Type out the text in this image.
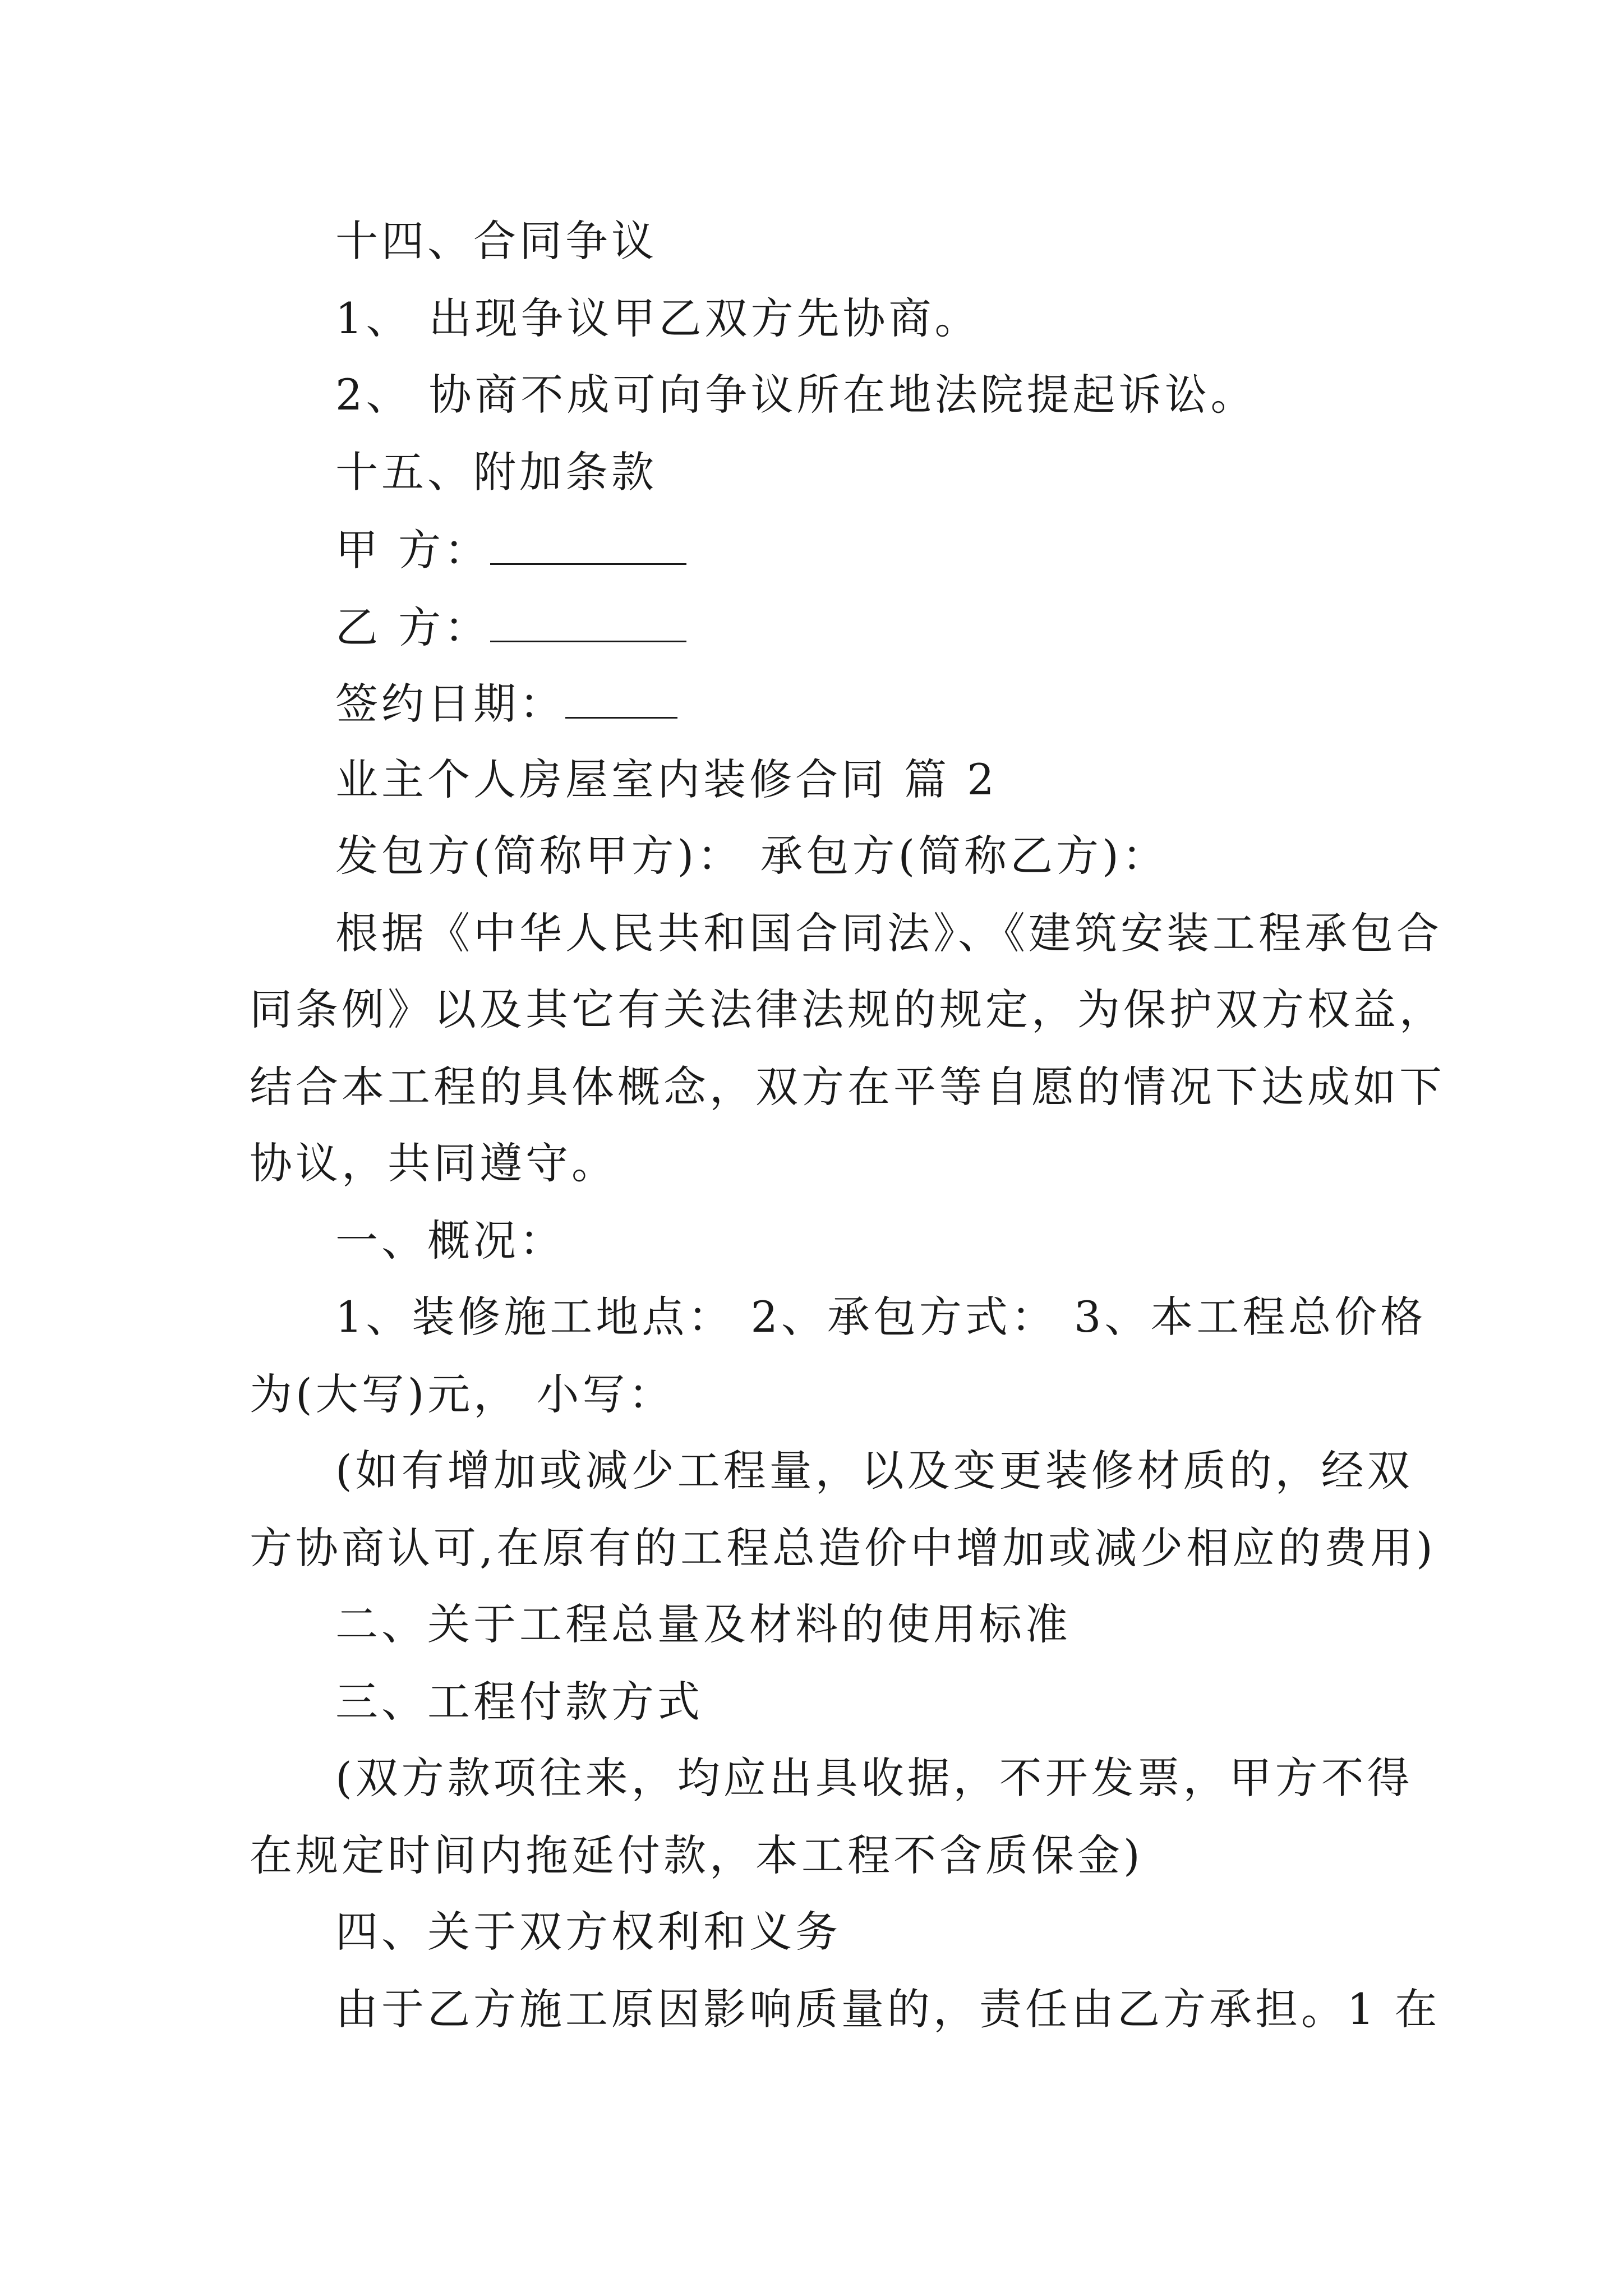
十四、合同争议
1、 出现争议甲乙双方先协商。
2、 协商不成可向争议所在地法院提起诉讼。
十五、附加条款
甲 方：
乙 方：
签约日期：
业主个人房屋室内装修合同 篇 2
发包方(简称甲方)： 承包方(简称乙方)：
根据《中华人民共和国合同法》、《建筑安装工程承包合
同条例》以及其它有关法律法规的规定，为保护双方权益，
结合本工程的具体概念，双方在平等自愿的情况下达成如下
协议，共同遵守。
一、概况：
1、装修施工地点： 2、承包方式： 3、本工程总价格
为(大写)元， 小写：
(如有增加或减少工程量，以及变更装修材质的，经双
方协商认可,在原有的工程总造价中增加或减少相应的费用)
二、关于工程总量及材料的使用标准
三、工程付款方式
(双方款项往来，均应出具收据，不开发票，甲方不得
在规定时间内拖延付款，本工程不含质保金)
四、关于双方权利和义务
由于乙方施工原因影响质量的，责任由乙方承担。1 在
